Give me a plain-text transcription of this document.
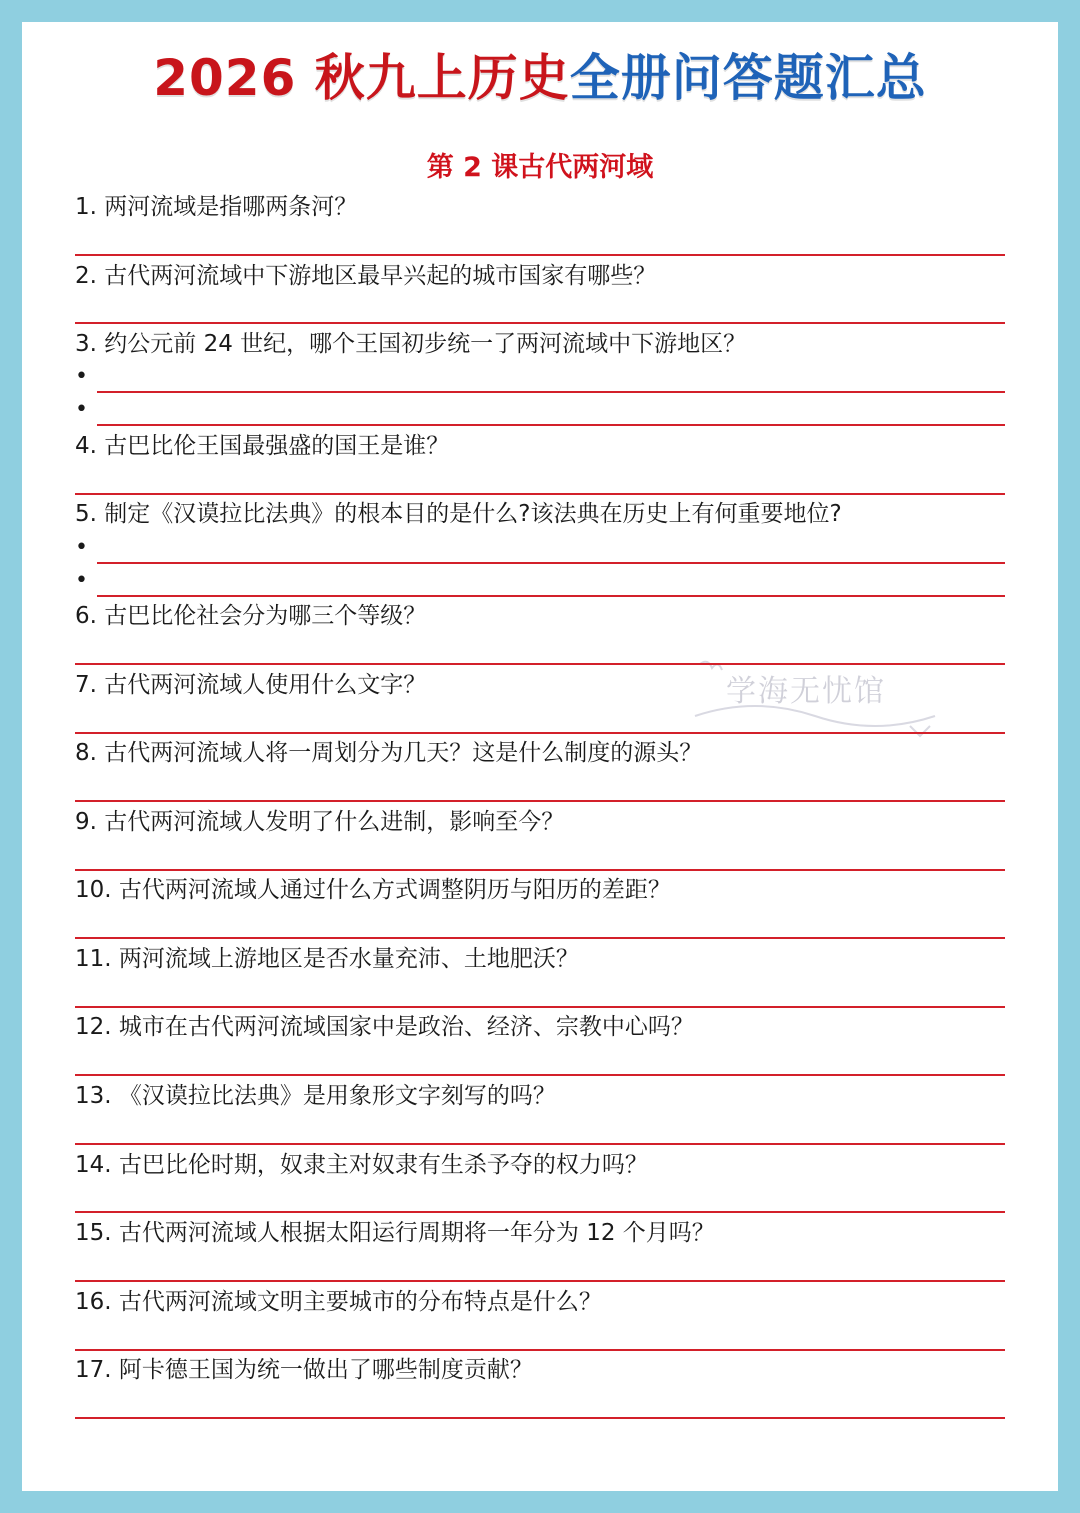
2026 秋九上历史全册问答题汇总
第 2 课古代两河域
学海无忧馆
1. 两河流域是指哪两条河？
2. 古代两河流域中下游地区最早兴起的城市国家有哪些？
3. 约公元前 24 世纪，哪个王国初步统一了两河流域中下游地区？
•
•
4. 古巴比伦王国最强盛的国王是谁？
5. 制定《汉谟拉比法典》的根本目的是什么?该法典在历史上有何重要地位?
•
•
6. 古巴比伦社会分为哪三个等级？
7. 古代两河流域人使用什么文字？
8. 古代两河流域人将一周划分为几天？这是什么制度的源头？
9. 古代两河流域人发明了什么进制，影响至今？
10. 古代两河流域人通过什么方式调整阴历与阳历的差距？
11. 两河流域上游地区是否水量充沛、土地肥沃？
12. 城市在古代两河流域国家中是政治、经济、宗教中心吗？
13. 《汉谟拉比法典》是用象形文字刻写的吗？
14. 古巴比伦时期，奴隶主对奴隶有生杀予夺的权力吗？
15. 古代两河流域人根据太阳运行周期将一年分为 12 个月吗？
16. 古代两河流域文明主要城市的分布特点是什么？
17. 阿卡德王国为统一做出了哪些制度贡献？
